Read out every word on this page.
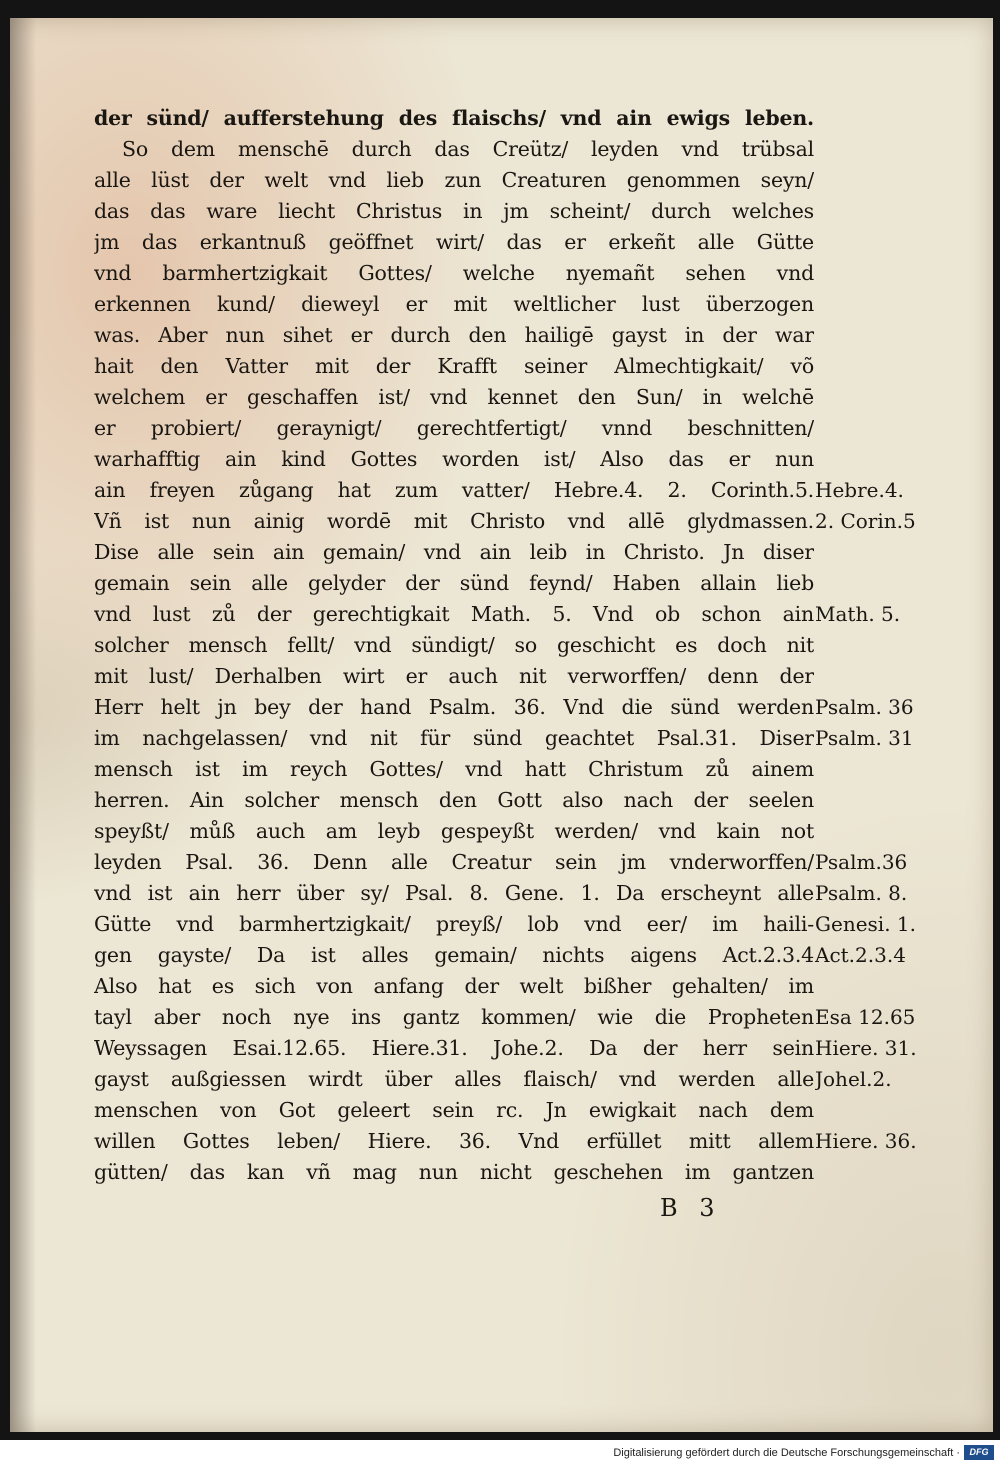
der sünd/ aufferstehung des flaischs/ vnd ain ewigs leben.
So dem menschē durch das Creütz/ leyden vnd trübsal
alle lüst der welt vnd lieb zun Creaturen genommen seyn/
das das ware liecht Christus in jm scheint/ durch welches
jm das erkantnuß geöffnet wirt/ das er erkeñt alle Gütte
vnd barmhertzigkait Gottes/ welche nyemañt sehen vnd
erkennen kund/ dieweyl er mit weltlicher lust überzogen
was. Aber nun sihet er durch den hailigē gayst in der war
hait den Vatter mit der Krafft seiner Almechtigkait/ võ
welchem er geschaffen ist/ vnd kennet den Sun/ in welchē
er probiert/ geraynigt/ gerechtfertigt/ vnnd beschnitten/
warhafftig ain kind Gottes worden ist/ Also das er nun
ain freyen zůgang hat zum vatter/ Hebre.4. 2. Corinth.5.
Vñ ist nun ainig wordē mit Christo vnd allē glydmassen.
Dise alle sein ain gemain/ vnd ain leib in Christo. Jn diser
gemain sein alle gelyder der sünd feynd/ Haben allain lieb
vnd lust zů der gerechtigkait Math. 5. Vnd ob schon ain
solcher mensch fellt/ vnd sündigt/ so geschicht es doch nit
mit lust/ Derhalben wirt er auch nit verworffen/ denn der
Herr helt jn bey der hand Psalm. 36. Vnd die sünd werden
im nachgelassen/ vnd nit für sünd geachtet Psal.31. Diser
mensch ist im reych Gottes/ vnd hatt Christum zů ainem
herren. Ain solcher mensch den Gott also nach der seelen
speyßt/ můß auch am leyb gespeyßt werden/ vnd kain not
leyden Psal. 36. Denn alle Creatur sein jm vnderworffen/
vnd ist ain herr über sy/ Psal. 8. Gene. 1. Da erscheynt alle
Gütte vnd barmhertzigkait/ preyß/ lob vnd eer/ im haili-
gen gayste/ Da ist alles gemain/ nichts aigens Act.2.3.4
Also hat es sich von anfang der welt bißher gehalten/ im
tayl aber noch nye ins gantz kommen/ wie die Propheten
Weyssagen Esai.12.65. Hiere.31. Johe.2. Da der herr sein
gayst außgiessen wirdt über alles flaisch/ vnd werden alle
menschen von Got geleert sein rc. Jn ewigkait nach dem
willen Gottes leben/ Hiere. 36. Vnd erfüllet mitt allem
gütten/ das kan vñ mag nun nicht geschehen im gantzen
Hebre.4.
2. Corin.5
Math. 5.
Psalm. 36
Psalm. 31
Psalm.36
Psalm. 8.
Genesi. 1.
Act.2.3.4
Esa 12.65
Hiere. 31.
Johel.2.
Hiere. 36.
B 3
Digitalisierung gefördert durch die Deutsche Forschungsgemeinschaft ·	DFG
